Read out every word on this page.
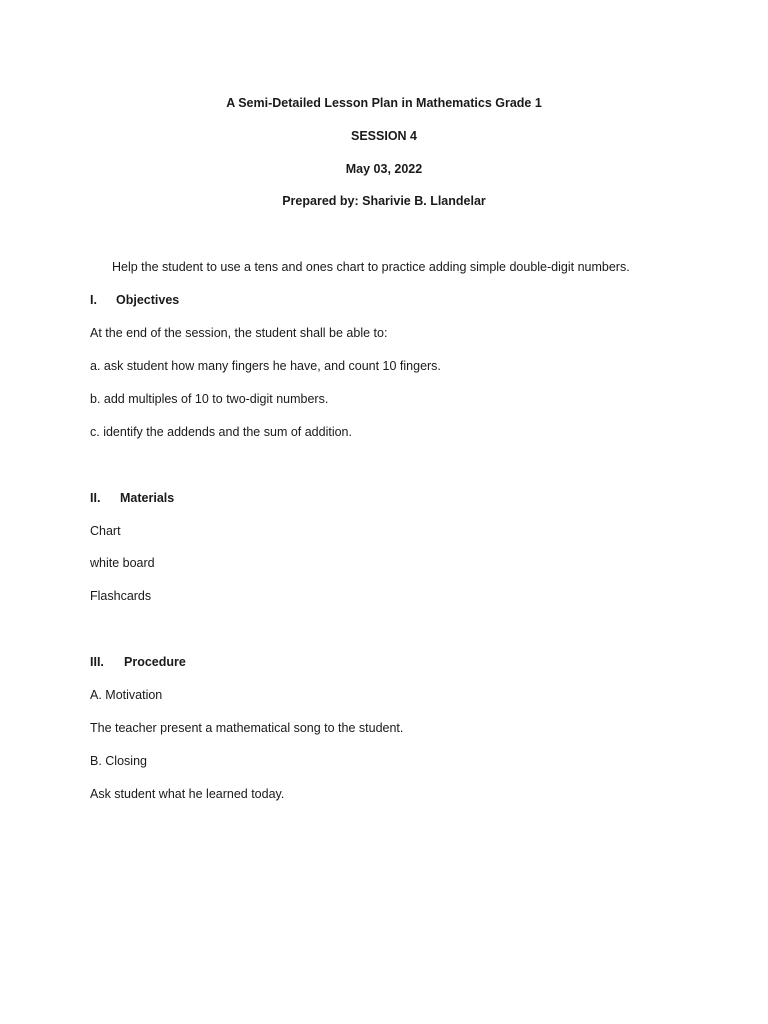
A Semi-Detailed Lesson Plan in Mathematics Grade 1
SESSION 4
May 03, 2022
Prepared by: Sharivie B. Llandelar
Help the student to use a tens and ones chart to practice adding simple double-digit numbers.
I. Objectives
At the end of the session, the student shall be able to:
a. ask student how many fingers he have, and count 10 fingers.
b. add multiples of 10 to two-digit numbers.
c. identify the addends and the sum of addition.
II. Materials
Chart
white board
Flashcards
III. Procedure
A. Motivation
The teacher present a mathematical song to the student.
B. Closing
Ask student what he learned today.
